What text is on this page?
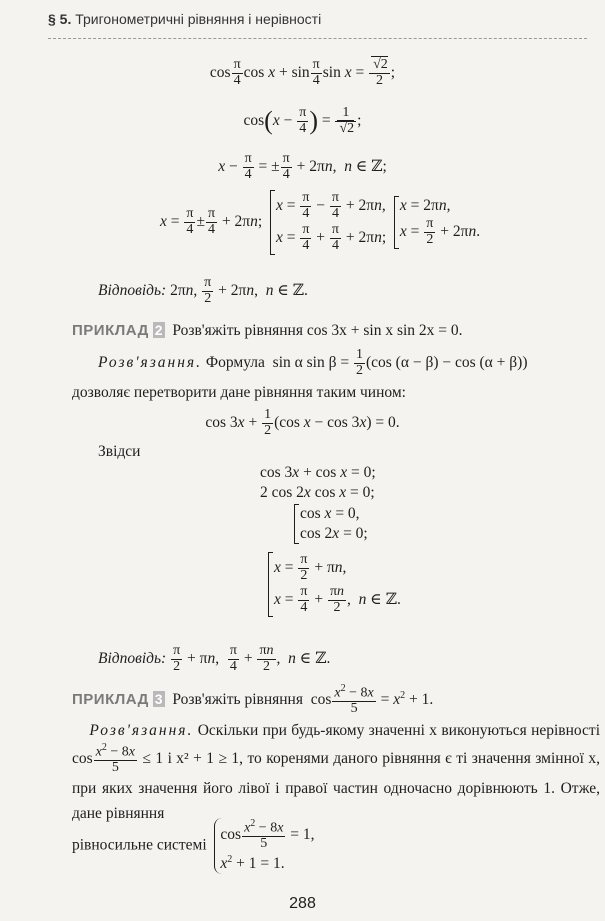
§ 5. Тригонометричні рівняння і нерівності
$\cos \frac{\pi}{4}$ $\cos x + \sin \frac{\pi}{4}$ $\sin x = \frac{√2}{2}$ ;
$\cos(x - \frac{\pi}{4}$ ) = $\frac{1}{√2}$ ;
$x - \frac{\pi}{4}$ = ± $\frac{\pi}{4} + 2\pi n$,  n ∈ ℤ;
$x = \frac{\pi}{4} \pm \frac{\pi}{4} + 2\pi n$;
$x = \frac{\pi}{4} - \frac{\pi}{4} + 2\pi n$,
$x = \frac{\pi}{4} + \frac{\pi}{4} + 2\pi n$;

x = 2πn,
$x = \frac{\pi}{2} + 2\pi n$.
Відповідь: 2πn, $\frac{\pi}{2} + 2\pi n$,  n ∈ ℤ.
ПРИКЛАД 2 Розв'яжіть рівняння cos 3x + sin x sin 2x = 0.
Розв'язання. Формула  sin α $\sin \beta = \frac{1}{2} (\cos$ (α − β) − cos (α + β))
дозволяє перетворити дане рівняння таким чином:
$\cos 3x + \frac{1}{2} (\cos$ x − cos 3x) = 0.
Звідси
cos 3x + cos x = 0;
2 cos 2x cos x = 0;
cos x = 0,
cos 2x = 0;
$x = \frac{\pi}{2} + \pi n$,
$x = \frac{\pi}{4} + \frac{\pi n}{2}$ ,  n ∈ ℤ.
Відповідь: $\frac{\pi}{2} + \pi n$, $\frac{\pi}{4} + \frac{\pi n}{2}$ ,  n ∈ ℤ.
ПРИКЛАД 3 Розв'яжіть рівняння  $\cos \frac{x^2 - 8x}{5} = x^2 + 1$.
Розв'язання. Оскільки при будь-якому значенні x виконуються нерівності $\cos \frac{x^2 - 8x}{5} \le 1$ і x² + 1 ≥ 1, то коренями даного рівняння є ті значення змінної x, при яких значення його лівої і правої частин одночасно дорівнюють 1. Отже, дане рівняння
рівносильне системі
$\cos \frac{x^2 - 8x}{5} = 1$,
$x^2 + 1 = 1$.
288
